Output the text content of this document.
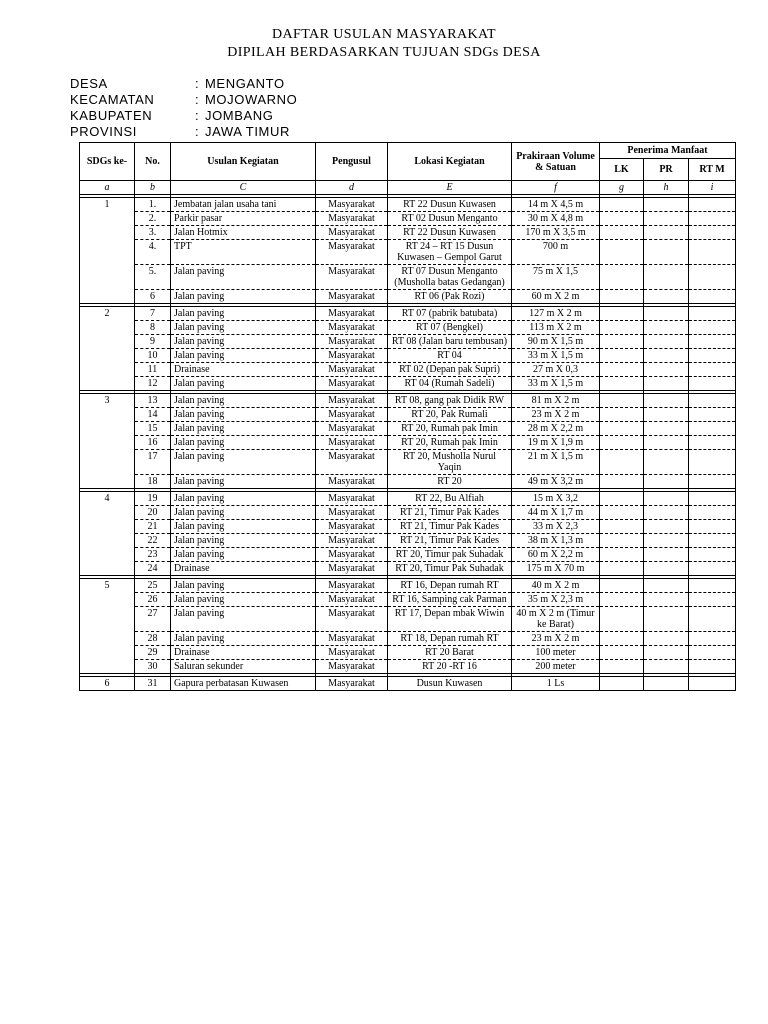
DAFTAR USULAN MASYARAKAT
DIPILAH BERDASARKAN TUJUAN SDGs DESA
DESA	: MENGANTO
KECAMATAN	: MOJOWARNO
KABUPATEN	: JOMBANG
PROVINSI	: JAWA TIMUR
SDGs ke-	No.	Usulan Kegiatan	Pengusul	Lokasi Kegiatan	Prakiraan Volume & Satuan	Penerima Manfaat		
						LK	PR	RT M
a	b	C	d	E	f	g	h	i

1	1.	Jembatan jalan usaha tani	Masyarakat	RT 22 Dusun Kuwasen	14 m X 4,5 m			
	2.	Parkir pasar	Masyarakat	RT 02 Dusun Menganto	30 m X 4,8 m			
	3.	Jalan Hotmix	Masyarakat	RT 22 Dusun Kuwasen	170 m X 3,5 m			
	4.	TPT	Masyarakat	RT 24 – RT 15 Dusun Kuwasen – Gempol Garut	700 m			
	5.	Jalan paving	Masyarakat	RT 07 Dusun Menganto (Musholla batas Gedangan)	75 m X 1,5			
	6	Jalan paving	Masyarakat	RT 06 (Pak Rozi)	60 m X 2 m			

2	7	Jalan paving	Masyarakat	RT 07 (pabrik batubata)	127 m X 2 m			
	8	Jalan paving	Masyarakat	RT 07 (Bengkel)	113 m X 2 m			
	9	Jalan paving	Masyarakat	RT 08 (Jalan baru tembusan)	90 m X 1,5 m			
	10	Jalan paving	Masyarakat	RT 04	33 m X 1,5 m			
	11	Drainase	Masyarakat	RT 02 (Depan pak Supri)	27 m X 0,3			
	12	Jalan paving	Masyarakat	RT 04 (Rumah Sadeli)	33 m X 1,5 m			

3	13	Jalan paving	Masyarakat	RT 08, gang pak Didik RW	81 m X 2 m			
	14	Jalan paving	Masyarakat	RT 20, Pak Rumali	23 m X 2 m			
	15	Jalan paving	Masyarakat	RT 20, Rumah pak Imin	28 m X 2,2 m			
	16	Jalan paving	Masyarakat	RT 20, Rumah pak Imin	19 m X 1,9 m			
	17	Jalan paving	Masyarakat	RT 20, Musholla Nurul Yaqin	21 m X 1,5 m			
	18	Jalan paving	Masyarakat	RT 20	49 m X 3,2 m			

4	19	Jalan paving	Masyarakat	RT 22, Bu Alfiah	15 m X 3,2			
	20	Jalan paving	Masyarakat	RT 21, Timur Pak Kades	44 m X 1,7 m			
	21	Jalan paving	Masyarakat	RT 21, Timur Pak Kades	33 m X 2,3			
	22	Jalan paving	Masyarakat	RT 21, Timur Pak Kades	38 m X 1,3 m			
	23	Jalan paving	Masyarakat	RT 20, Timur pak Suhadak	60 m X 2,2 m			
	24	Drainase	Masyarakat	RT 20, Timur Pak Suhadak	175 m X 70 m			

5	25	Jalan paving	Masyarakat	RT 16, Depan rumah RT	40 m X 2 m			
	26	Jalan paving	Masyarakat	RT 16, Samping cak Parman	35 m X 2,3 m			
	27	Jalan paving	Masyarakat	RT 17, Depan mbak Wiwin	40 m X 2 m (Timur ke Barat)			
	28	Jalan paving	Masyarakat	RT 18, Depan rumah RT	23 m X 2 m			
	29	Drainase	Masyarakat	RT 20 Barat	100 meter			
	30	Saluran sekunder	Masyarakat	RT 20 -RT 16	200 meter			

6	31	Gapura perbatasan Kuwasen	Masyarakat	Dusun Kuwasen	1 Ls			
